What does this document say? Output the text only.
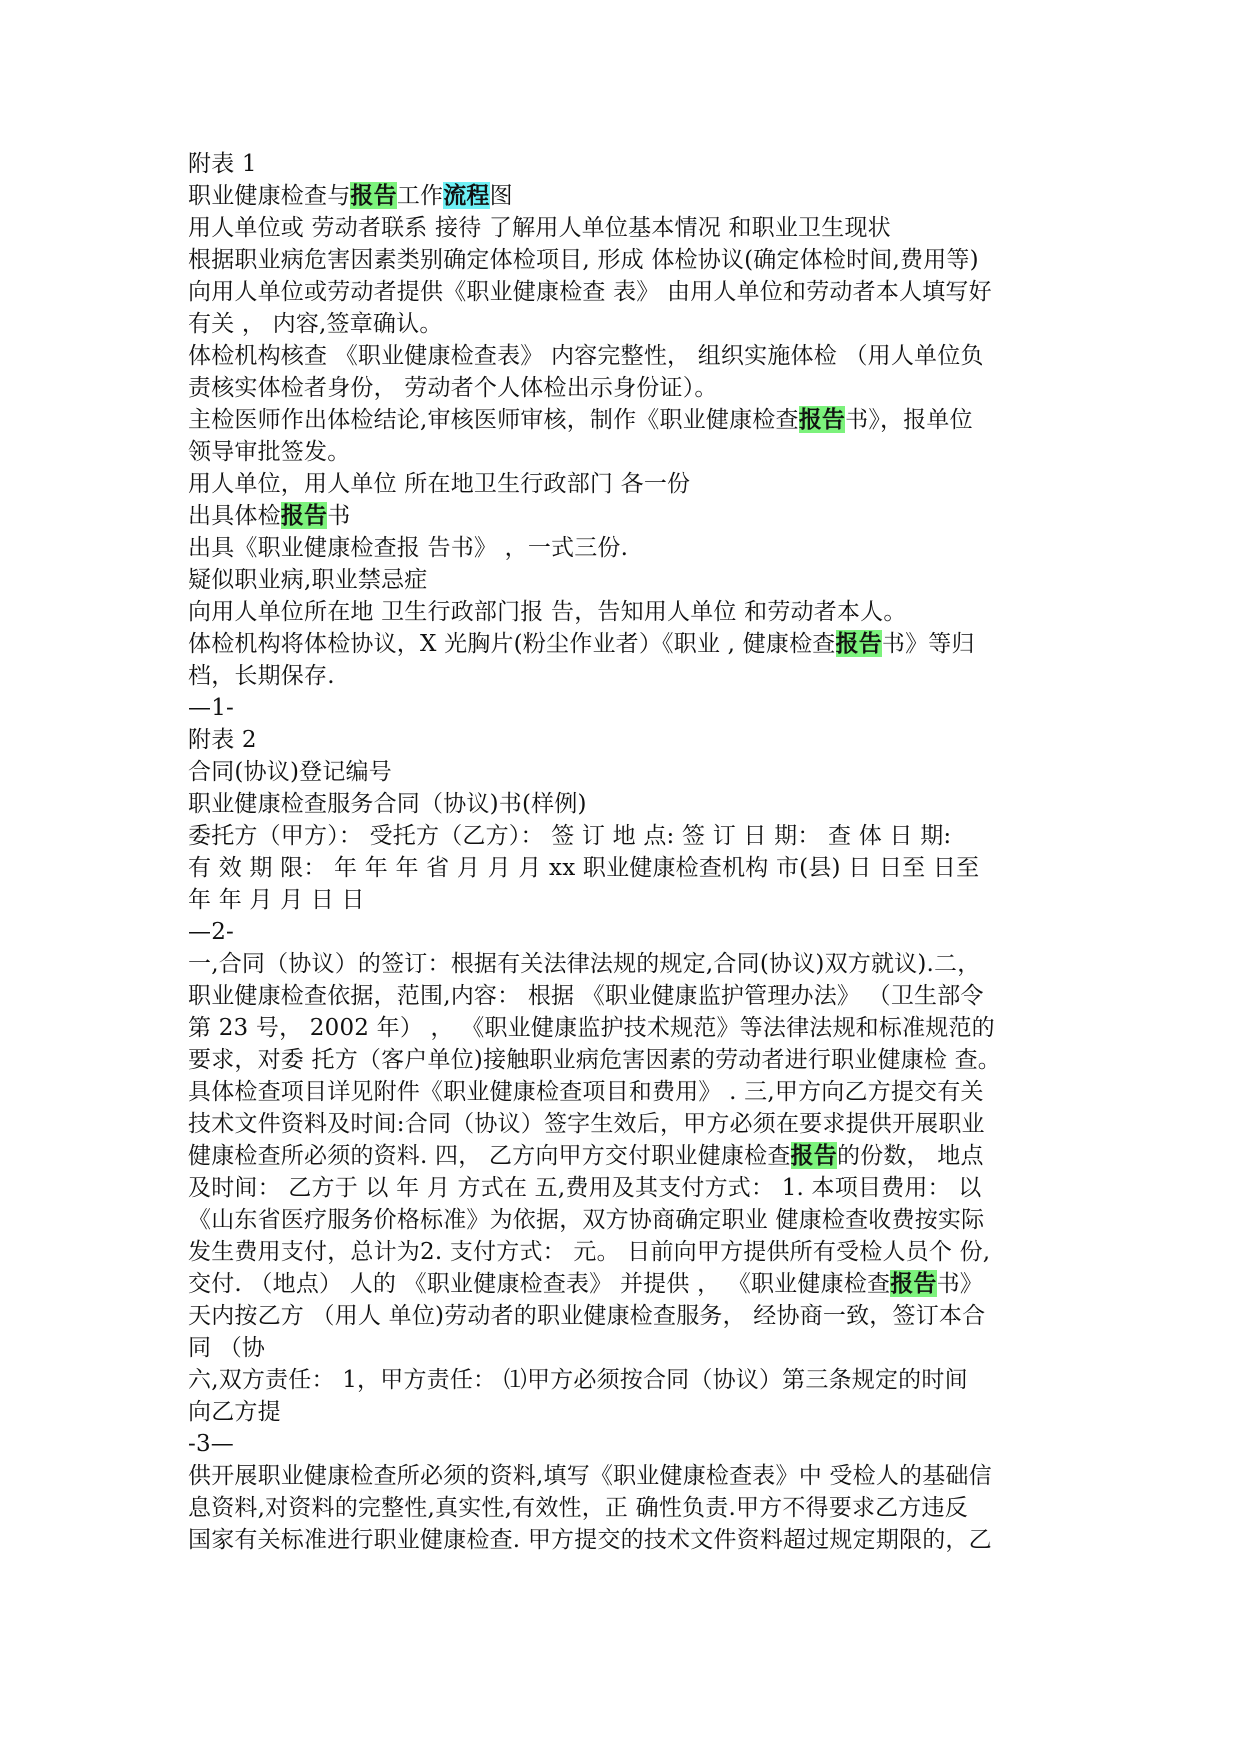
附表 1
职业健康检查与报告工作流程图
用人单位或 劳动者联系 接待 了解用人单位基本情况 和职业卫生现状
根据职业病危害因素类别确定体检项目, 形成 体检协议(确定体检时间,费用等)
向用人单位或劳动者提供《职业健康检查 表》 由用人单位和劳动者本人填写好
有关 ， 内容,签章确认。
体检机构核查 《职业健康检查表》 内容完整性， 组织实施体检 （用人单位负
责核实体检者身份， 劳动者个人体检出示身份证）。
主检医师作出体检结论,审核医师审核，制作《职业健康检查报告书》，报单位
领导审批签发。
用人单位，用人单位 所在地卫生行政部门 各一份
出具体检报告书
出具《职业健康检查报 告书》 ，一式三份.
疑似职业病,职业禁忌症
向用人单位所在地 卫生行政部门报 告，告知用人单位 和劳动者本人。
体检机构将体检协议，X 光胸片(粉尘作业者）《职业 , 健康检查报告书》等归
档，长期保存.
—1-
附表 2
合同(协议)登记编号
职业健康检查服务合同（协议)书(样例)
委托方（甲方）： 受托方（乙方）： 签 订 地 点: 签 订 日 期： 查 体 日 期:
有 效 期 限： 年 年 年 省 月 月 月 xx 职业健康检查机构 市(县) 日 日至 日至
年 年 月 月 日 日
—2-
一,合同（协议）的签订：根据有关法律法规的规定,合同(协议)双方就议).二，
职业健康检查依据，范围,内容： 根据 《职业健康监护管理办法》 （卫生部令
第 23 号， 2002 年） ， 《职业健康监护技术规范》等法律法规和标准规范的
要求，对委 托方（客户单位)接触职业病危害因素的劳动者进行职业健康检 查。
具体检查项目详见附件《职业健康检查项目和费用》 . 三,甲方向乙方提交有关
技术文件资料及时间:合同（协议）签字生效后，甲方必须在要求提供开展职业
健康检查所必须的资料. 四， 乙方向甲方交付职业健康检查报告的份数， 地点
及时间： 乙方于 以 年 月 方式在 五,费用及其支付方式： 1. 本项目费用： 以
《山东省医疗服务价格标准》为依据，双方协商确定职业 健康检查收费按实际
发生费用支付，总计为2. 支付方式： 元。 日前向甲方提供所有受检人员个 份,
交付. （地点） 人的 《职业健康检查表》 并提供 ， 《职业健康检查报告书》
天内按乙方 （用人 单位)劳动者的职业健康检查服务， 经协商一致，签订本合
同 （协
六,双方责任： 1，甲方责任： ⑴甲方必须按合同（协议）第三条规定的时间
向乙方提
-3—
供开展职业健康检查所必须的资料,填写《职业健康检查表》中 受检人的基础信
息资料,对资料的完整性,真实性,有效性，正 确性负责.甲方不得要求乙方违反
国家有关标准进行职业健康检查. 甲方提交的技术文件资料超过规定期限的，乙
